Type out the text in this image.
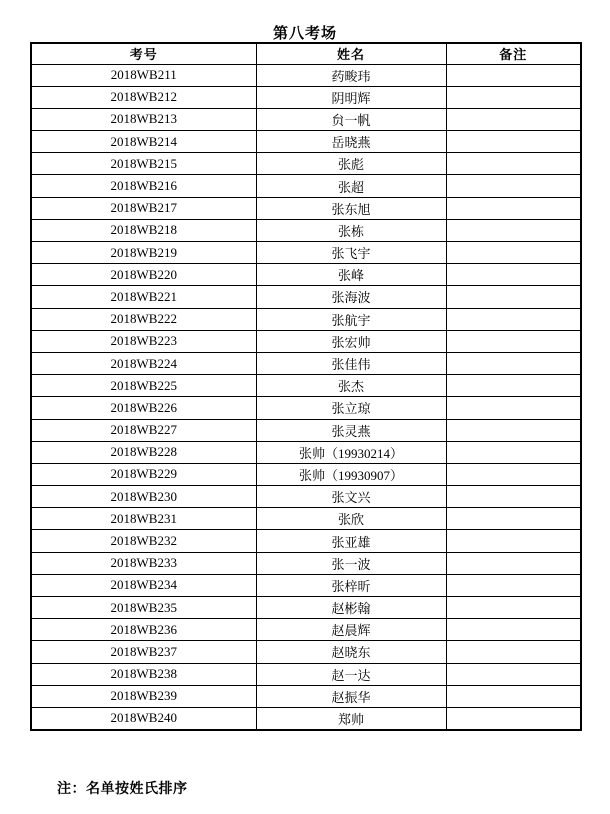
第八考场
考号	姓名	备注
2018WB211	药畯玮	
2018WB212	阴明辉	
2018WB213	贠一帆	
2018WB214	岳晓燕	
2018WB215	张彪	
2018WB216	张超	
2018WB217	张东旭	
2018WB218	张栋	
2018WB219	张飞宇	
2018WB220	张峰	
2018WB221	张海波	
2018WB222	张航宇	
2018WB223	张宏帅	
2018WB224	张佳伟	
2018WB225	张杰	
2018WB226	张立琼	
2018WB227	张灵燕	
2018WB228	张帅（19930214）	
2018WB229	张帅（19930907）	
2018WB230	张文兴	
2018WB231	张欣	
2018WB232	张亚雄	
2018WB233	张一波	
2018WB234	张梓昕	
2018WB235	赵彬翰	
2018WB236	赵晨辉	
2018WB237	赵晓东	
2018WB238	赵一达	
2018WB239	赵振华	
2018WB240	郑帅	
注：名单按姓氏排序
